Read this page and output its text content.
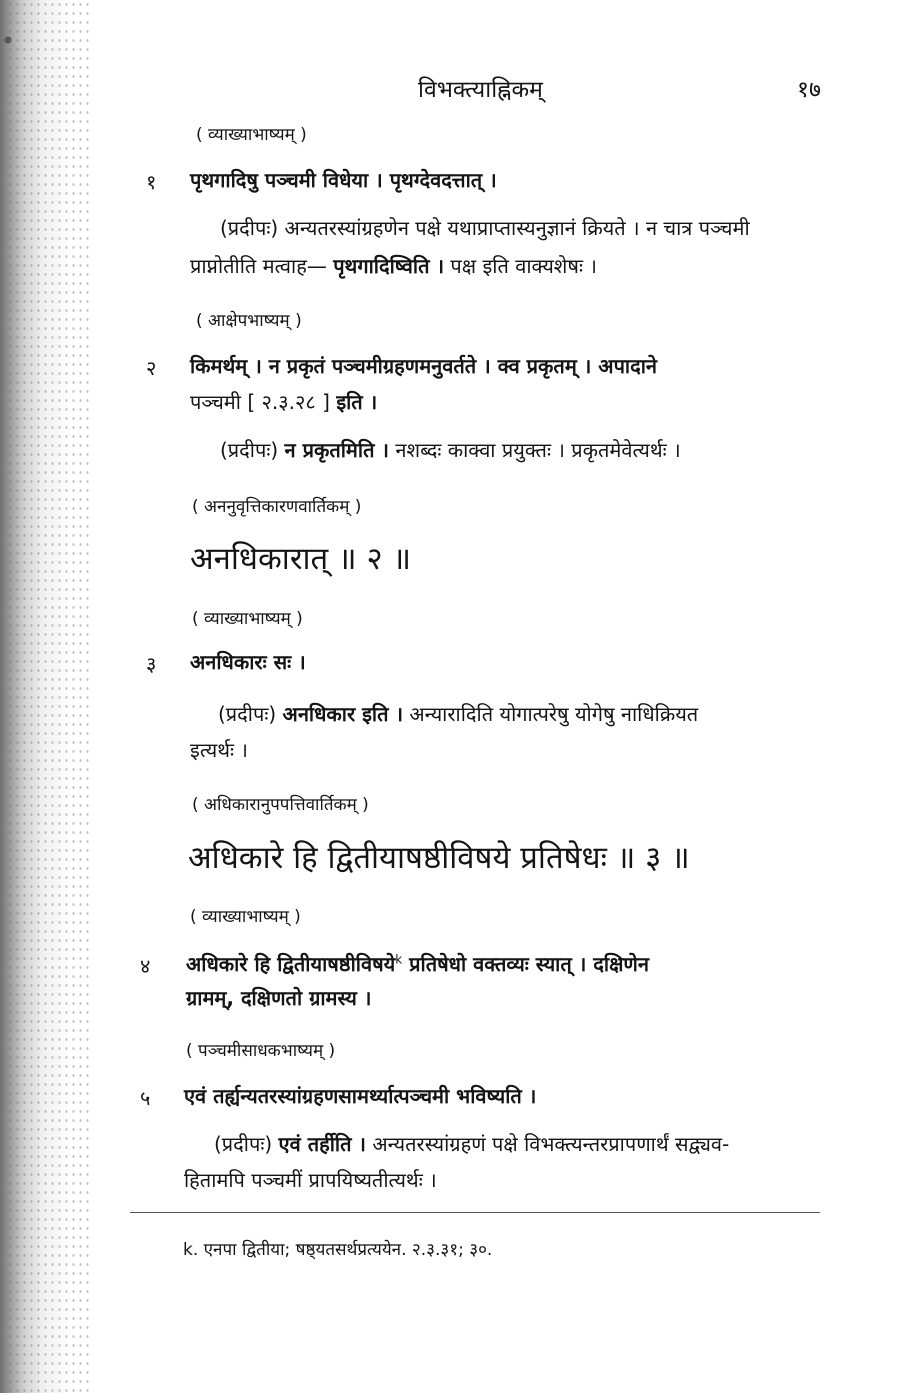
विभक्त्याह्निकम्	१७
( व्याख्याभाष्यम् )
१ पृथगादिषु पञ्चमी विधेया । पृथग्देवदत्तात् ।
(प्रदीपः) अन्यतरस्यांग्रहणेन पक्षे यथाप्राप्तास्यनुज्ञानं क्रियते । न चात्र पञ्चमी
प्राप्नोतीति मत्वाह— पृथगादिष्विति । पक्ष इति वाक्यशेषः ।
( आक्षेपभाष्यम् )
२ किमर्थम् । न प्रकृतं पञ्चमीग्रहणमनुवर्तते । क्व प्रकृतम् । अपादाने
पञ्चमी [ २.३.२८ ] इति ।
(प्रदीपः) न प्रकृतमिति । नशब्दः काक्वा प्रयुक्तः । प्रकृतमेवेत्यर्थः ।
( अननुवृत्तिकारणवार्तिकम् )
अनधिकारात् ॥ २ ॥
( व्याख्याभाष्यम् )
३ अनधिकारः सः ।
(प्रदीपः) अनधिकार इति । अन्यारादिति योगात्परेषु योगेषु नाधिक्रियत
इत्यर्थः ।
( अधिकारानुपपत्तिवार्तिकम् )
अधिकारे हि द्वितीयाषष्ठीविषये प्रतिषेधः ॥ ३ ॥
( व्याख्याभाष्यम् )
४ अधिकारे हि द्वितीयाषष्ठीविषये$^k$ प्रतिषेधो वक्तव्यः स्यात् । दक्षिणेन
ग्रामम्, दक्षिणतो ग्रामस्य ।
( पञ्चमीसाधकभाष्यम् )
५ एवं तर्ह्यन्यतरस्यांग्रहणसामर्थ्यात्पञ्चमी भविष्यति ।
(प्रदीपः) एवं तर्हीति । अन्यतरस्यांग्रहणं पक्षे विभक्त्यन्तरप्रापणार्थं सद्व्यव-
हितामपि पञ्चमीं प्रापयिष्यतीत्यर्थः ।
k. एनपा द्वितीया; षष्ठ्यतसर्थप्रत्ययेन. २.३.३१; ३०.
